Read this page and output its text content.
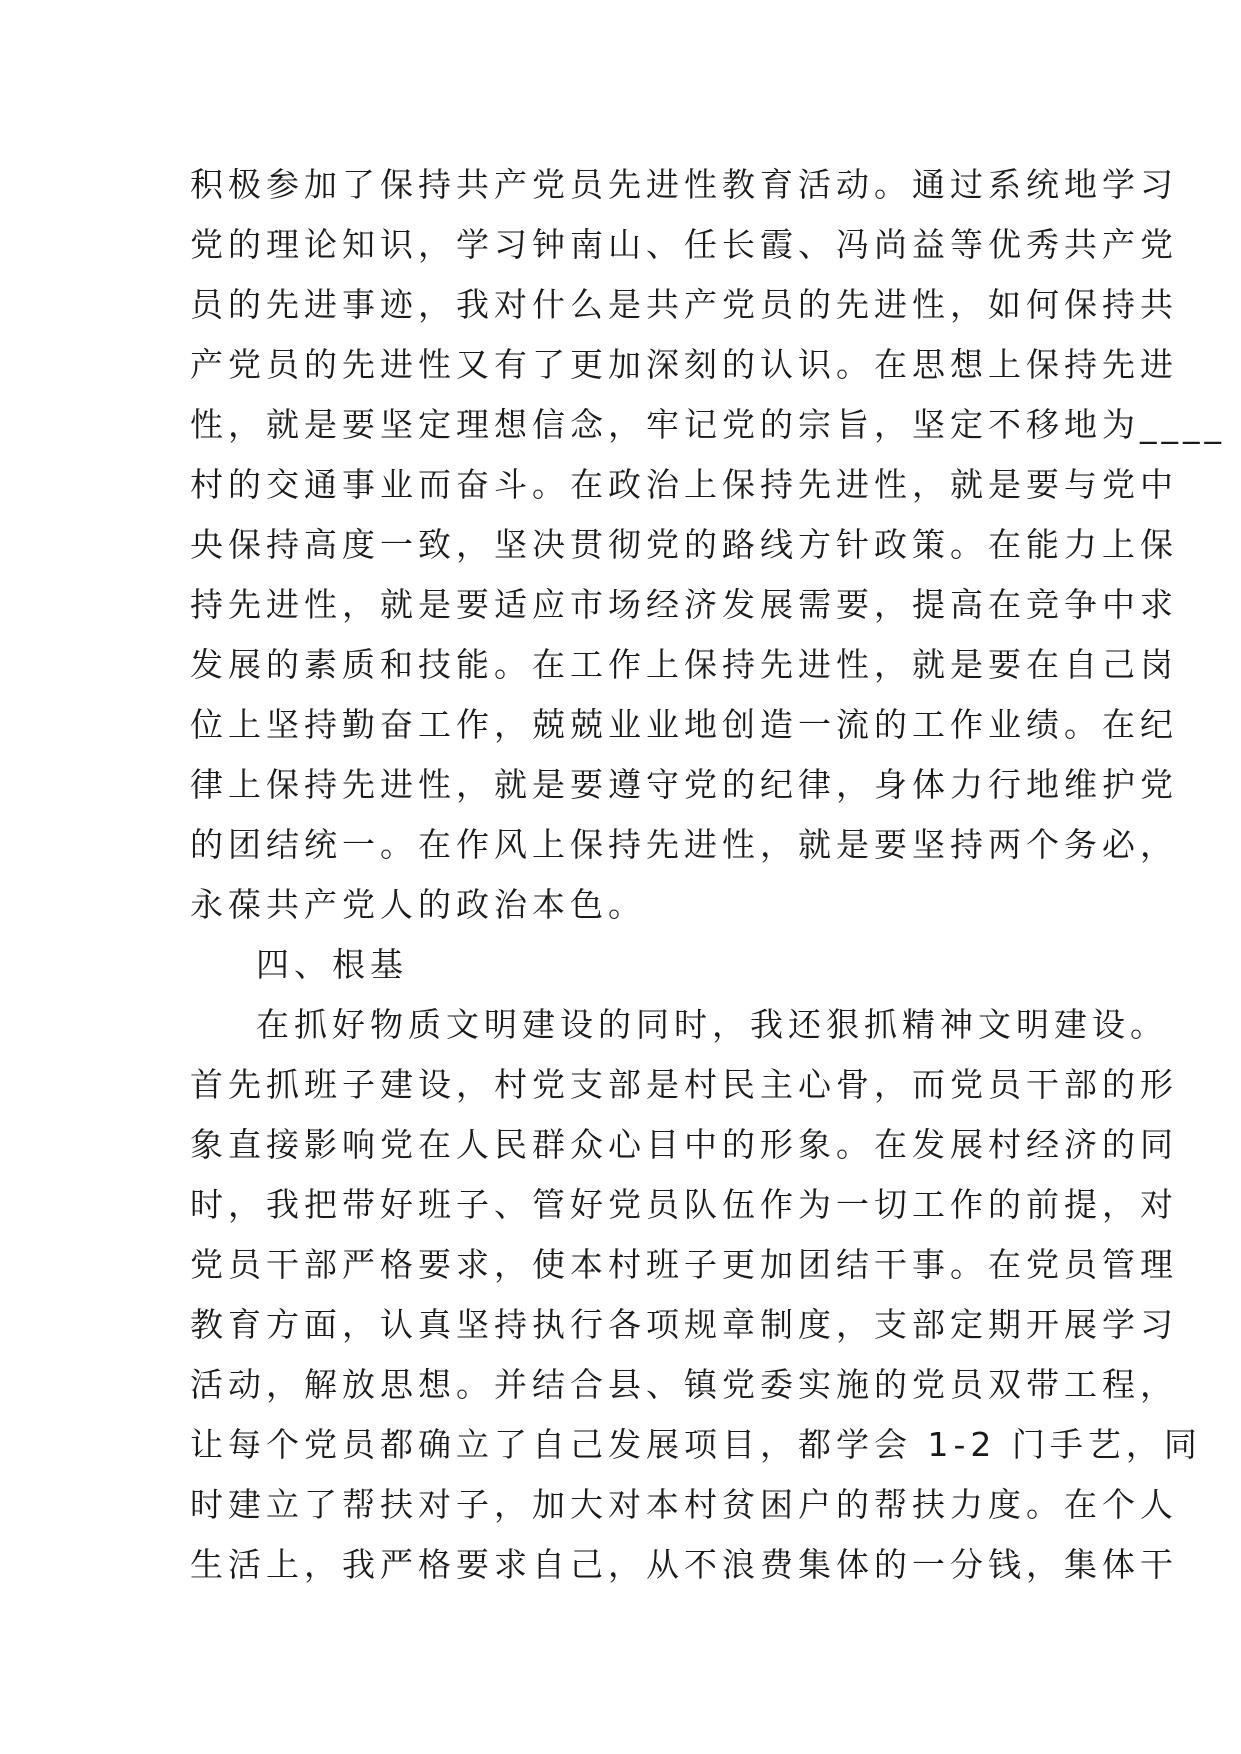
积极参加了保持共产党员先进性教育活动。通过系统地学习
党的理论知识，学习钟南山、任长霞、冯尚益等优秀共产党
员的先进事迹，我对什么是共产党员的先进性，如何保持共
产党员的先进性又有了更加深刻的认识。在思想上保持先进
性，就是要坚定理想信念，牢记党的宗旨，坚定不移地为____
村的交通事业而奋斗。在政治上保持先进性，就是要与党中
央保持高度一致，坚决贯彻党的路线方针政策。在能力上保
持先进性，就是要适应市场经济发展需要，提高在竞争中求
发展的素质和技能。在工作上保持先进性，就是要在自己岗
位上坚持勤奋工作，兢兢业业地创造一流的工作业绩。在纪
律上保持先进性，就是要遵守党的纪律，身体力行地维护党
的团结统一。在作风上保持先进性，就是要坚持两个务必，
永葆共产党人的政治本色。
四、根基
在抓好物质文明建设的同时，我还狠抓精神文明建设。
首先抓班子建设，村党支部是村民主心骨，而党员干部的形
象直接影响党在人民群众心目中的形象。在发展村经济的同
时，我把带好班子、管好党员队伍作为一切工作的前提，对
党员干部严格要求，使本村班子更加团结干事。在党员管理
教育方面，认真坚持执行各项规章制度，支部定期开展学习
活动，解放思想。并结合县、镇党委实施的党员双带工程，
让每个党员都确立了自己发展项目，都学会 1-2 门手艺，同
时建立了帮扶对子，加大对本村贫困户的帮扶力度。在个人
生活上，我严格要求自己，从不浪费集体的一分钱，集体干
